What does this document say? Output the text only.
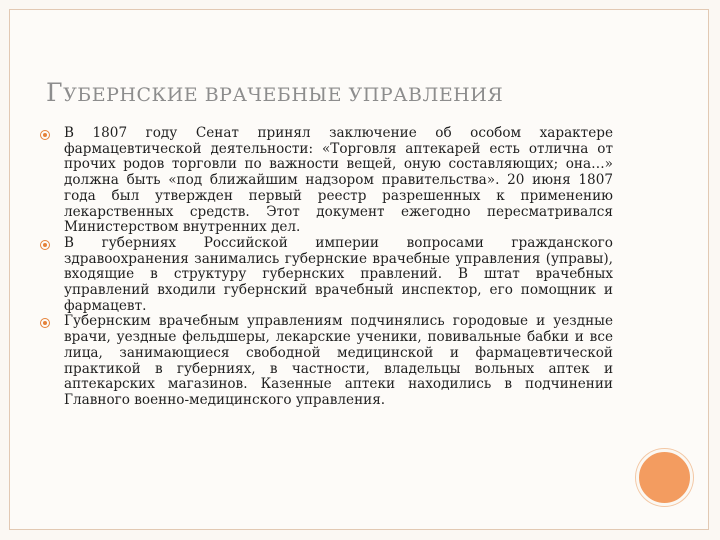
ГУБЕРНСКИЕ ВРАЧЕБНЫЕ УПРАВЛЕНИЯ
В 1807 году Сенат принял заключение об особом характере фармацевтической деятельности: «Торговля аптекарей есть отлична от прочих родов торговли по важности вещей, оную составляющих; она…» должна быть «под ближайшим надзором правительства». 20 июня 1807 года был утвержден первый реестр разрешенных к применению лекарственных средств. Этот документ ежегодно пересматривался Министерством внутренних дел.
В губерниях Российской империи вопросами гражданского здравоохранения занимались губернские врачебные управления (управы), входящие в структуру губернских правлений. В штат врачебных управлений входили губернский врачебный инспектор, его помощник и фармацевт.
Губернским врачебным управлениям подчинялись городовые и уездные врачи, уездные фельдшеры, лекарские ученики, повивальные бабки и все лица, занимающиеся свободной медицинской и фармацевтической практикой в губерниях, в частности, владельцы вольных аптек и аптекарских магазинов. Казенные аптеки находились в подчинении Главного военно-медицинского управления.
